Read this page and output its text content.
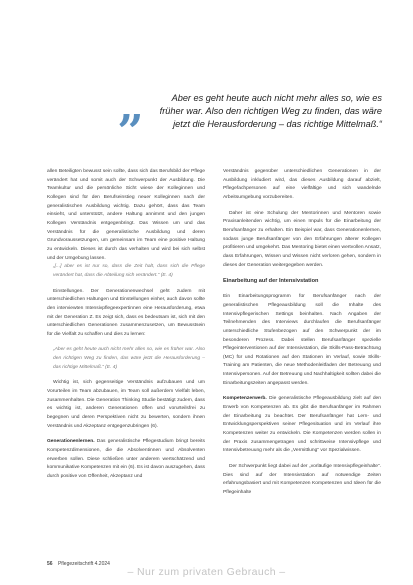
„	Aber es geht heute auch nicht mehr alles so, wie es früher war. Also den richtigen Weg zu finden, das wäre jetzt die Herausforderung – das richtige Mittelmaß.“

allen Beteiligten bewusst sein sollte, dass sich das Berufsbild der Pflege verändert hat und somit auch der Schwerpunkt der Ausbildung. Die Teamkultur und die persönliche Sicht wiese der Kolleginnen und Kollegen sind für den Berufseinstieg neuer Kolleginnen nach der generalistischen Ausbildung wichtig. Dazu gehört, dass das Team einsieht, und unterstützt, andere Haltung annimmt und den jungen Kollegen Verständnis entgegenbringt. Das Wissen um und das Verständnis für die generalistische Ausbildung und deren Grundvoraussetzungen, um gemeinsam im Team eine positive Haltung zu entwickeln. Dieses ist durch das verhalten und wird bei sich selbst und der Umgebung lassen.

„[...] aber es ist nur so, dass die Zeit halt, dass sich die Pflege verändert hat, dass die Abteilung sich verändert.“ (E. 4)

Einstellungen. Der Generationenwechsel geht zudem mit unterschiedlichen Haltungen und Einstellungen einher, auch davon sollte den interviewten Intensivpflegeexpertinnen eine Herausforderung, etwa mit der Generation Z. Es zeigt sich, dass es bedeutsam ist, sich mit den unterschiedlichen Generationen zusammenzusetzen, um Bewusstsein für die Vielfalt zu schaffen und dies zu lernen:

„Aber es geht heute auch nicht mehr alles so, wie es früher war. Also den richtigen Weg zu finden, das wäre jetzt die Herausforderung – das richtige Mittelmaß.“ (E. 4)

Wichtig ist, sich gegenseitige Verständnis aufzubauen und um Vorurteilen im Team abzubauen, im Team soll außerdem Vielfalt leben, zusammenhalten. Die Generation Thinking Studie bestätigt zudem, dass es wichtig ist, anderen Generationen offen und vorurteilsfrei zu begegnen und deren Perspektiven nicht zu bewerten, sondern ihnen Verständnis und Akzeptanz entgegenzubringen (6).

Generationenlernen. Das generalistische Pflegestudium bringt bereits Kompetenzdimensionen, die die Absolventinnen und Absolventen erwerben sollen. Diese schließen unter anderem wertschätzend und kommunikative Kompetenzen mit ein (6). Es ist davon auszugehen, dass durch positive von Offenheit, Akzeptanz und

Verständnis gegenüber unterschiedlichen Generationen in der Ausbildung inkludiert wird, das dieses Ausbildung darauf abzielt, Pflegefachpersonen auf eine vielfältige und sich wandelnde Arbeitsumgebung vorzubereiten.

Daher ist eine Schulung der Mentorinnen und Mentoren sowie Praxisanleitenden wichtig, um einen Impuls für die Einarbeitung der Berufsanfänger zu erhalten. Ein Beispiel war, dass Generationenlernen, sodass junge Berufsanfänger von den Erfahrungen älterer Kollegen profitieren und umgekehrt. Das Mentoring bietet einen wertvollen Ansatz, dass Erfahrungen, Wissen und Wissen nicht verloren gehen, sondern in dieses der Generation weitergegeben werden.

Einarbeitung auf der Intensivstation

Ein Einarbeitungsprogramm für Berufsanfänger nach der generalistischen Pflegeausbildung soll die Inhalte des Intensivpflegerischen Settings beinhalten. Nach Angaben der Teilnehmenden des Interviews durchlaufen die Berufsanfänger unterschiedliche Stufenbezogen auf den Schwerpunkt der im besonderen Prozess. Dabei stellen Berufsanfänger spezielle Pflegeinterventionen auf der Intensivstation, die Skills-Pass-Betrachtung (MC) für und Rotationen auf den Stationen im Verlauf, sowie Skills-Training am Patienten, die neue Methodenleitfaden der Betreuung und Intensivpersonen. Auf der Betreuung und Nachhaltigkeit sollten dabei die Einarbeitungszeiten angepasst werden.

Kompetenzerwerb. Die generalistische Pflegeausbildung zielt auf den Erwerb von Kompetenzen ab. Es gibt die Berufsanfänger im Rahmen der Einarbeitung zu beachtet. Der Berufsanfänger hat Lern- und Entwicklungsperspektiven seiner Pflegesituation und im Verlauf ihre Kompetenzen weiter zu entwickeln. Die Kompetenzen werden sollen in der Praxis zusammengetragen und schrittweise Intensivpflege und Intensivbetreuung mehr als die „Vermittlung“ vor Spezialwissen.

Der Schwerpunkt liegt dabei auf der „vorläufige Intensivpflegeinhalte“. Dies sind auf der Intensivstation auf notwendige Zeiten erfahrungsbasiert und mit Kompetenzen Kompetenzen und Ideen für die Pflegeinhalte

56 Pflegezeitschrift 4.2024
– Nur zum privaten Gebrauch –
